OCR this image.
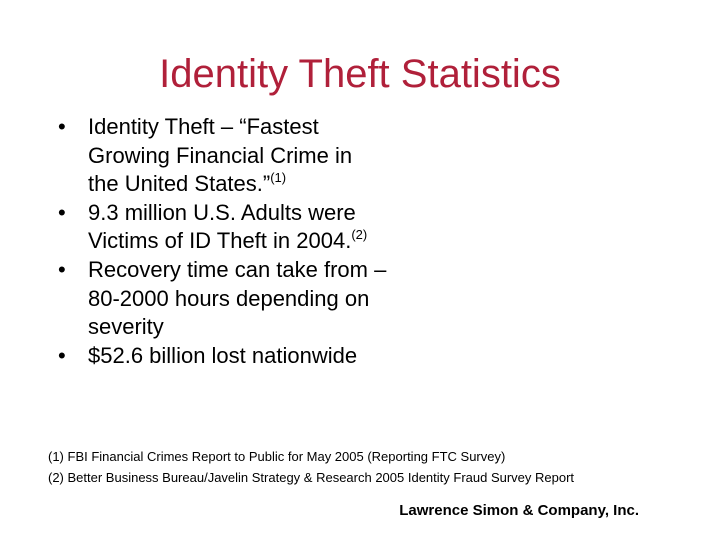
Identity Theft Statistics
•	Identity Theft – “Fastest Growing Financial Crime in the United States.”$^{(1)}$
•	9.3 million U.S. Adults were Victims of ID Theft in 2004.$^{(2)}$
•	Recovery time can take from – 80-2000 hours depending on severity
•	$52.6 billion lost nationwide
(1) FBI Financial Crimes Report to Public for May 2005 (Reporting FTC Survey)
(2) Better Business Bureau/Javelin Strategy & Research 2005 Identity Fraud Survey Report
Lawrence Simon & Company, Inc.
